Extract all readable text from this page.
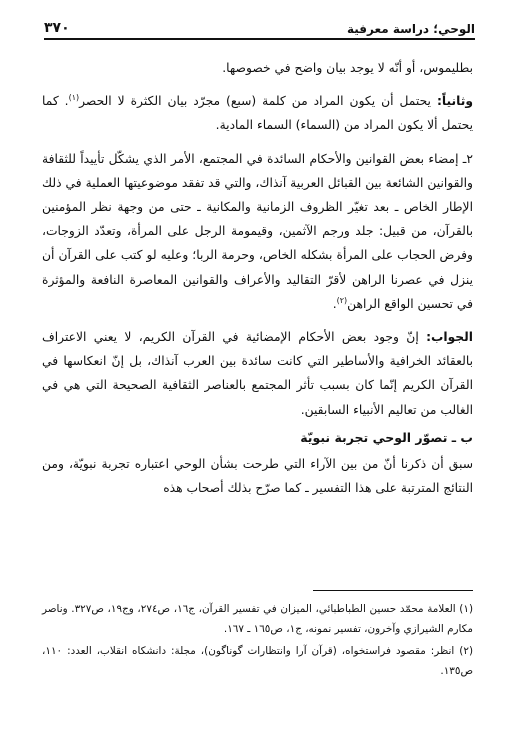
الوحي؛ دراسة معرفية
٣٧٠

بطليموس، أو أنّه لا يوجد بيان واضح في خصوصها.

وثانياً: يحتمل أن يكون المراد من كلمة (سبع) مجرّد بيان الكثرة لا الحصر$^{(١)}$. كما يحتمل ألا يكون المراد من (السماء) السماء المادية.

٢ـ إمضاء بعض القوانين والأحكام السائدة في المجتمع، الأمر الذي يشكّل تأييداً للثقافة والقوانين الشائعة بين القبائل العربية آنذاك، والتي قد تفقد موضوعيتها العملية في ذلك الإطار الخاص ـ بعد تغيّر الظروف الزمانية والمكانية ـ حتى من وجهة نظر المؤمنين بالقرآن، من قبيل: جلد ورجم الآثمين، وقيمومة الرجل على المرأة، وتعدّد الزوجات، وفرض الحجاب على المرأة بشكله الخاص، وحرمة الربا؛ وعليه لو كتب على القرآن أن ينزل في عصرنا الراهن لأقرّ التقاليد والأعراف والقوانين المعاصرة النافعة والمؤثرة في تحسين الواقع الراهن$^{(٢)}$.

الجواب: إنّ وجود بعض الأحكام الإمضائية في القرآن الكريم، لا يعني الاعتراف بالعقائد الخرافية والأساطير التي كانت سائدة بين العرب آنذاك، بل إنّ انعكاسها في القرآن الكريم إنّما كان بسبب تأثر المجتمع بالعناصر الثقافية الصحيحة التي هي في الغالب من تعاليم الأنبياء السابقين.

ب ـ تصوّر الوحي تجربة نبويّة

سبق أن ذكرنا أنّ من بين الآراء التي طرحت بشأن الوحي اعتباره تجربة نبويّة، ومن النتائج المترتبة على هذا التفسير ـ كما صرّح بذلك أصحاب هذه

(١) العلامة محمّد حسين الطباطبائي، الميزان في تفسير القرآن، ج١٦، ص٢٧٤، وج١٩، ص٣٢٧. وناصر مكارم الشيرازي وآخرون، تفسير نمونه، ج١، ص١٦٥ ـ ١٦٧.

(٢) انظر: مقصود فراستخواه، (قرآن آرا وانتظارات گوناگون)، مجلة: دانشكاه انقلاب، العدد: ١١٠، ص١٣٥.
